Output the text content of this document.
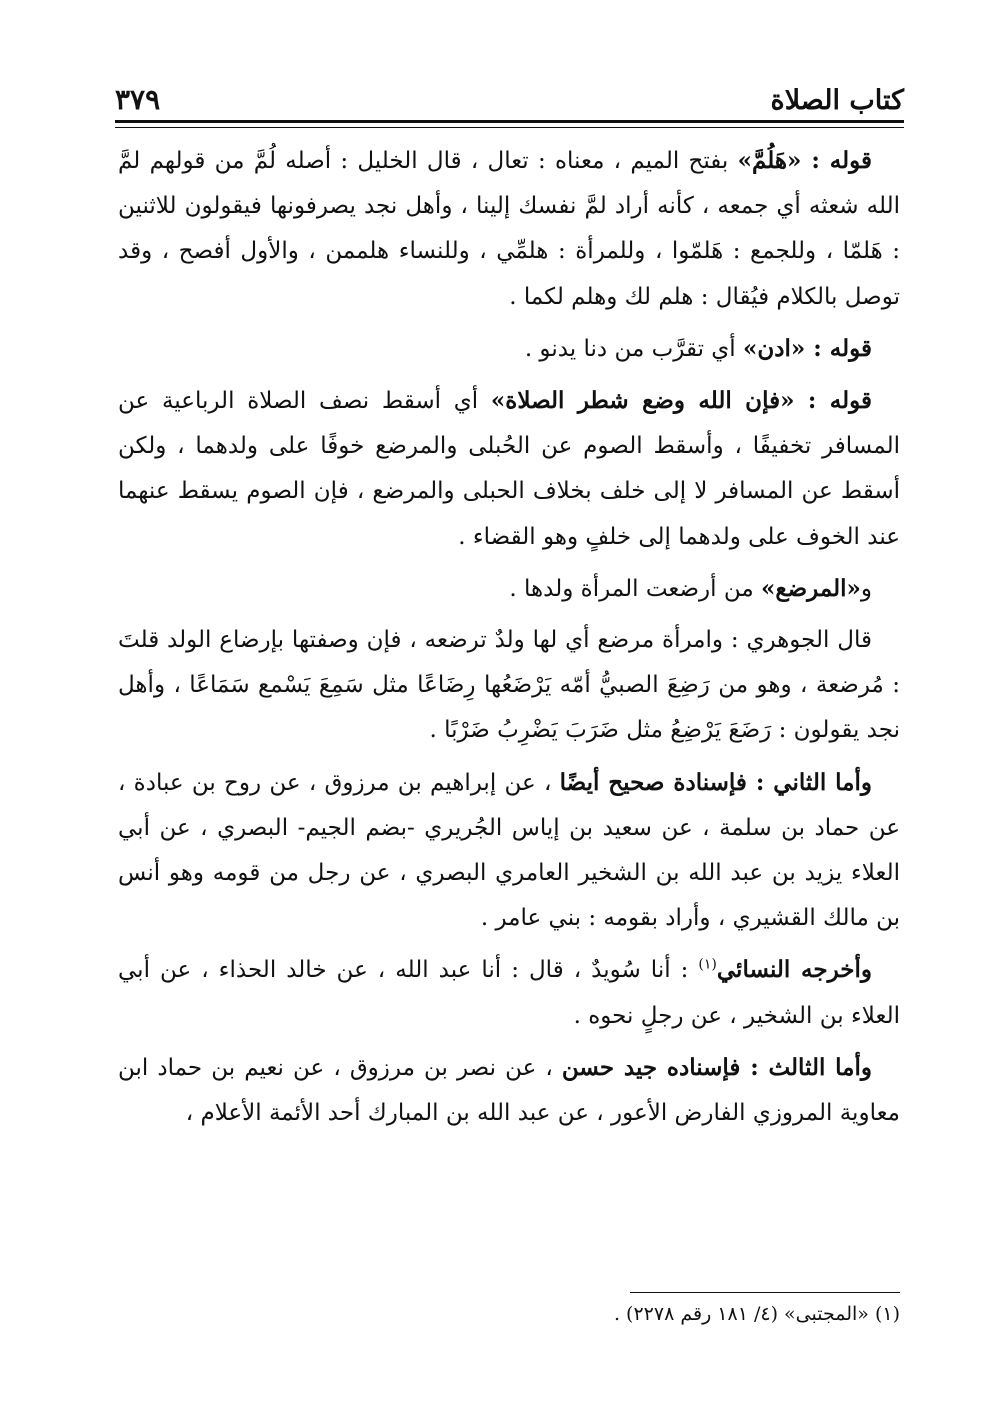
كتاب الصلاة
٣٧٩

قوله : «هَلُمَّ» بفتح الميم ، معناه : تعال ، قال الخليل : أصله لُمَّ من قولهم لمَّ الله شعثه أي جمعه ، كأنه أراد لمَّ نفسك إلينا ، وأهل نجد يصرفونها فيقولون للاثنين : هَلمّا ، وللجمع : هَلمّوا ، وللمرأة : هلمِّي ، وللنساء هلممن ، والأول أفصح ، وقد توصل بالكلام فيُقال : هلم لك وهلم لكما .

قوله : «ادن» أي تقرَّب من دنا يدنو .

قوله : «فإن الله وضع شطر الصلاة» أي أسقط نصف الصلاة الرباعية عن المسافر تخفيفًا ، وأسقط الصوم عن الحُبلى والمرضع خوفًا على ولدهما ، ولكن أسقط عن المسافر لا إلى خلف بخلاف الحبلى والمرضع ، فإن الصوم يسقط عنهما عند الخوف على ولدهما إلى خلفٍ وهو القضاء .

و«المرضع» من أرضعت المرأة ولدها .

قال الجوهري : وامرأة مرضع أي لها ولدٌ ترضعه ، فإن وصفتها بإرضاع الولد قلتَ : مُرضعة ، وهو من رَضِعَ الصبيُّ أمّه يَرْضَعُها رِضَاعًا مثل سَمِعَ يَسْمع سَمَاعًا ، وأهل نجد يقولون : رَضَعَ يَرْضِعُ مثل ضَرَبَ يَضْرِبُ ضَرْبًا .

وأما الثاني : فإسنادة صحيح أيضًا ، عن إبراهيم بن مرزوق ، عن روح بن عبادة ، عن حماد بن سلمة ، عن سعيد بن إياس الجُريري -بضم الجيم- البصري ، عن أبي العلاء يزيد بن عبد الله بن الشخير العامري البصري ، عن رجل من قومه وهو أنس بن مالك القشيري ، وأراد بقومه : بني عامر .

وأخرجه النسائي$^{(١)}$ : أنا سُويدٌ ، قال : أنا عبد الله ، عن خالد الحذاء ، عن أبي العلاء بن الشخير ، عن رجلٍ نحوه .

وأما الثالث : فإسناده جيد حسن ، عن نصر بن مرزوق ، عن نعيم بن حماد ابن معاوية المروزي الفارض الأعور ، عن عبد الله بن المبارك أحد الأئمة الأعلام ،

(١) «المجتبى» (٤/ ١٨١ رقم ٢٢٧٨) .
